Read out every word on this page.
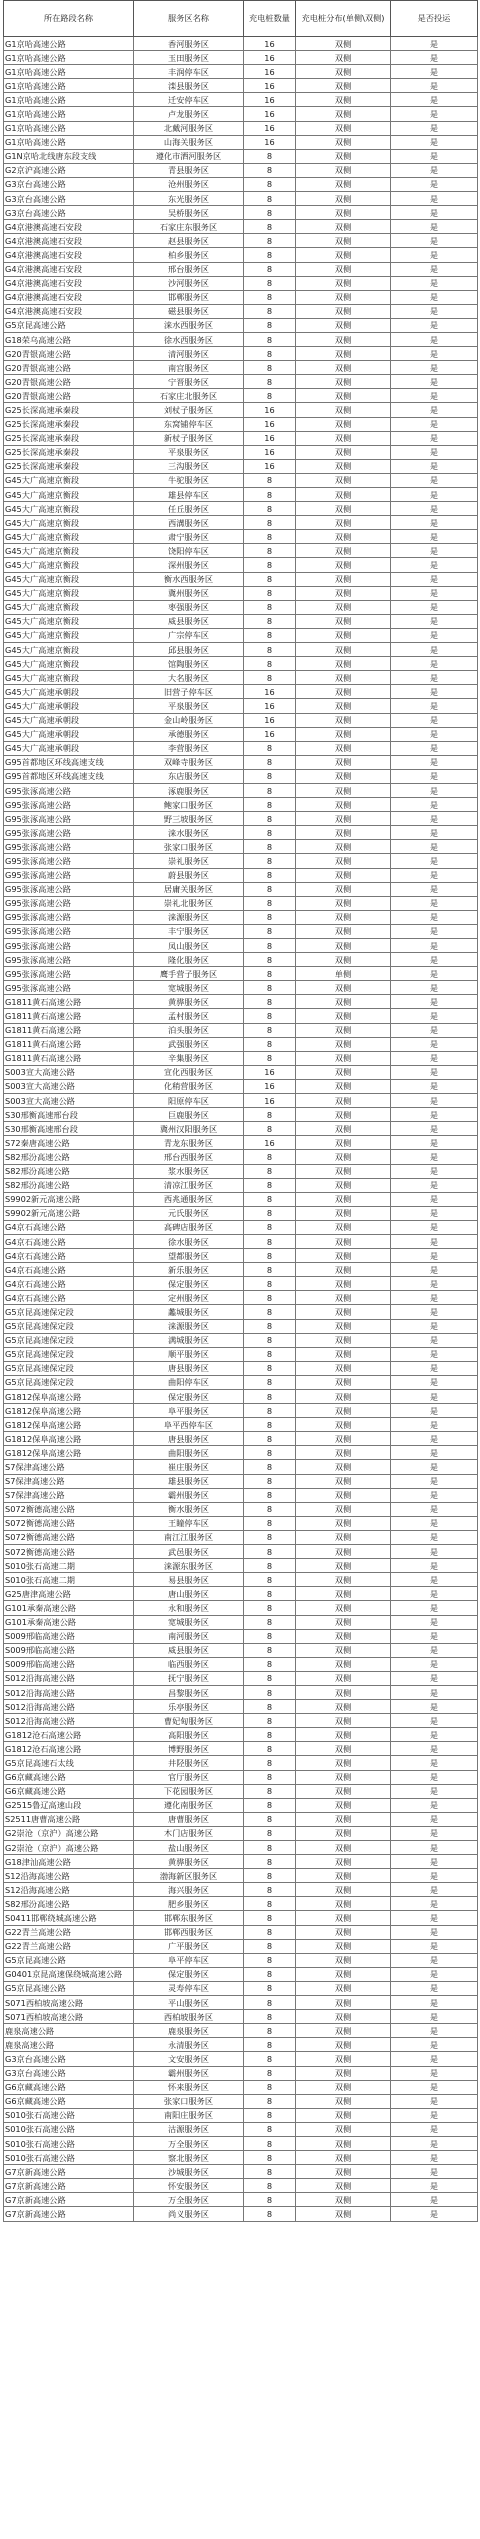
所在路段名称	服务区名称	充电桩数量	充电桩分布(单侧\双侧)	是否投运
G1京哈高速公路	香河服务区	16	双侧	是
G1京哈高速公路	玉田服务区	16	双侧	是
G1京哈高速公路	丰润停车区	16	双侧	是
G1京哈高速公路	滦县服务区	16	双侧	是
G1京哈高速公路	迁安停车区	16	双侧	是
G1京哈高速公路	卢龙服务区	16	双侧	是
G1京哈高速公路	北戴河服务区	16	双侧	是
G1京哈高速公路	山海关服务区	16	双侧	是
G1N京哈北线唐东段支线	遵化市洒河服务区	8	双侧	是
G2京沪高速公路	青县服务区	8	双侧	是
G3京台高速公路	沧州服务区	8	双侧	是
G3京台高速公路	东光服务区	8	双侧	是
G3京台高速公路	吴桥服务区	8	双侧	是
G4京港澳高速石安段	石家庄东服务区	8	双侧	是
G4京港澳高速石安段	赵县服务区	8	双侧	是
G4京港澳高速石安段	柏乡服务区	8	双侧	是
G4京港澳高速石安段	邢台服务区	8	双侧	是
G4京港澳高速石安段	沙河服务区	8	双侧	是
G4京港澳高速石安段	邯郸服务区	8	双侧	是
G4京港澳高速石安段	磁县服务区	8	双侧	是
G5京昆高速公路	涞水西服务区	8	双侧	是
G18荣乌高速公路	徐水西服务区	8	双侧	是
G20青银高速公路	清河服务区	8	双侧	是
G20青银高速公路	南宫服务区	8	双侧	是
G20青银高速公路	宁晋服务区	8	双侧	是
G20青银高速公路	石家庄北服务区	8	双侧	是
G25长深高速承秦段	刘杖子服务区	16	双侧	是
G25长深高速承秦段	东窝铺停车区	16	双侧	是
G25长深高速承秦段	新杖子服务区	16	双侧	是
G25长深高速承秦段	平泉服务区	16	双侧	是
G25长深高速承秦段	三沟服务区	16	双侧	是
G45大广高速京衡段	牛驼服务区	8	双侧	是
G45大广高速京衡段	雄县停车区	8	双侧	是
G45大广高速京衡段	任丘服务区	8	双侧	是
G45大广高速京衡段	西溝服务区	8	双侧	是
G45大广高速京衡段	肃宁服务区	8	双侧	是
G45大广高速京衡段	饶阳停车区	8	双侧	是
G45大广高速京衡段	深州服务区	8	双侧	是
G45大广高速京衡段	衡水西服务区	8	双侧	是
G45大广高速京衡段	冀州服务区	8	双侧	是
G45大广高速京衡段	枣强服务区	8	双侧	是
G45大广高速京衡段	威县服务区	8	双侧	是
G45大广高速京衡段	广宗停车区	8	双侧	是
G45大广高速京衡段	邱县服务区	8	双侧	是
G45大广高速京衡段	馆陶服务区	8	双侧	是
G45大广高速京衡段	大名服务区	8	双侧	是
G45大广高速承朝段	旧营子停车区	16	双侧	是
G45大广高速承朝段	平泉服务区	16	双侧	是
G45大广高速承朝段	金山岭服务区	16	双侧	是
G45大广高速承朝段	承德服务区	16	双侧	是
G45大广高速承朝段	李营服务区	8	双侧	是
G95首都地区环线高速支线	双峰寺服务区	8	双侧	是
G95首都地区环线高速支线	东店服务区	8	双侧	是
G95张涿高速公路	涿鹿服务区	8	双侧	是
G95张涿高速公路	鲍家口服务区	8	双侧	是
G95张涿高速公路	野三坡服务区	8	双侧	是
G95张涿高速公路	涞水服务区	8	双侧	是
G95张涿高速公路	张家口服务区	8	双侧	是
G95张涿高速公路	崇礼服务区	8	双侧	是
G95张涿高速公路	蔚县服务区	8	双侧	是
G95张涿高速公路	居庸关服务区	8	双侧	是
G95张涿高速公路	崇礼北服务区	8	双侧	是
G95张涿高速公路	涞源服务区	8	双侧	是
G95张涿高速公路	丰宁服务区	8	双侧	是
G95张涿高速公路	凤山服务区	8	双侧	是
G95张涿高速公路	隆化服务区	8	双侧	是
G95张涿高速公路	鹰手营子服务区	8	单侧	是
G95张涿高速公路	宽城服务区	8	双侧	是
G1811黄石高速公路	黄骅服务区	8	双侧	是
G1811黄石高速公路	孟村服务区	8	双侧	是
G1811黄石高速公路	泊头服务区	8	双侧	是
G1811黄石高速公路	武强服务区	8	双侧	是
G1811黄石高速公路	辛集服务区	8	双侧	是
S003宣大高速公路	宣化西服务区	16	双侧	是
S003宣大高速公路	化稍营服务区	16	双侧	是
S003宣大高速公路	阳原停车区	16	双侧	是
S30邢衡高速邢台段	巨鹿服务区	8	双侧	是
S30邢衡高速邢台段	冀州汉阳服务区	8	双侧	是
S72秦唐高速公路	青龙东服务区	16	双侧	是
S82邢汾高速公路	邢台西服务区	8	双侧	是
S82邢汾高速公路	浆水服务区	8	双侧	是
S82邢汾高速公路	清凉江服务区	8	双侧	是
S9902新元高速公路	西兆通服务区	8	双侧	是
S9902新元高速公路	元氏服务区	8	双侧	是
G4京石高速公路	高碑店服务区	8	双侧	是
G4京石高速公路	徐水服务区	8	双侧	是
G4京石高速公路	望都服务区	8	双侧	是
G4京石高速公路	新乐服务区	8	双侧	是
G4京石高速公路	保定服务区	8	双侧	是
G4京石高速公路	定州服务区	8	双侧	是
G5京昆高速保定段	蠡城服务区	8	双侧	是
G5京昆高速保定段	涞源服务区	8	双侧	是
G5京昆高速保定段	满城服务区	8	双侧	是
G5京昆高速保定段	顺平服务区	8	双侧	是
G5京昆高速保定段	唐县服务区	8	双侧	是
G5京昆高速保定段	曲阳停车区	8	双侧	是
G1812保阜高速公路	保定服务区	8	双侧	是
G1812保阜高速公路	阜平服务区	8	双侧	是
G1812保阜高速公路	阜平西停车区	8	双侧	是
G1812保阜高速公路	唐县服务区	8	双侧	是
G1812保阜高速公路	曲阳服务区	8	双侧	是
S7保津高速公路	崔庄服务区	8	双侧	是
S7保津高速公路	雄县服务区	8	双侧	是
S7保津高速公路	霸州服务区	8	双侧	是
S072衡德高速公路	衡水服务区	8	双侧	是
S072衡德高速公路	王瞳停车区	8	双侧	是
S072衡德高速公路	南江江服务区	8	双侧	是
S072衡德高速公路	武邑服务区	8	双侧	是
S010张石高速二期	涞源东服务区	8	双侧	是
S010张石高速二期	易县服务区	8	双侧	是
G25唐津高速公路	唐山服务区	8	双侧	是
G101承秦高速公路	永和服务区	8	双侧	是
G101承秦高速公路	宽城服务区	8	双侧	是
S009邢临高速公路	南河服务区	8	双侧	是
S009邢临高速公路	威县服务区	8	双侧	是
S009邢临高速公路	临西服务区	8	双侧	是
S012沿海高速公路	抚宁服务区	8	双侧	是
S012沿海高速公路	昌黎服务区	8	双侧	是
S012沿海高速公路	乐亭服务区	8	双侧	是
S012沿海高速公路	曹妃甸服务区	8	双侧	是
G1812沧石高速公路	高阳服务区	8	双侧	是
G1812沧石高速公路	博野服务区	8	双侧	是
G5京昆高速石太线	井陉服务区	8	双侧	是
G6京藏高速公路	官厅服务区	8	双侧	是
G6京藏高速公路	下花园服务区	8	双侧	是
G2515鲁辽高速山段	遵化南服务区	8	双侧	是
S2511唐曹高速公路	唐曹服务区	8	双侧	是
G2崇沧（京沪）高速公路	木门店服务区	8	双侧	是
G2崇沧（京沪）高速公路	盐山服务区	8	双侧	是
G18津汕高速公路	黄骅服务区	8	双侧	是
S12沿海高速公路	渤海新区服务区	8	双侧	是
S12沿海高速公路	海兴服务区	8	双侧	是
S82邢汾高速公路	肥乡服务区	8	双侧	是
S0411邯郸绕城高速公路	邯郸东服务区	8	双侧	是
G22青兰高速公路	邯郸西服务区	8	双侧	是
G22青兰高速公路	广平服务区	8	双侧	是
G5京昆高速公路	阜平停车区	8	双侧	是
G0401京昆高速保绕城高速公路	保定服务区	8	双侧	是
G5京昆高速公路	灵寿停车区	8	双侧	是
S071西柏坡高速公路	平山服务区	8	双侧	是
S071西柏坡高速公路	西柏坡服务区	8	双侧	是
鹿泉高速公路	鹿泉服务区	8	双侧	是
鹿泉高速公路	永清服务区	8	双侧	是
G3京台高速公路	文安服务区	8	双侧	是
G3京台高速公路	霸州服务区	8	双侧	是
G6京藏高速公路	怀来服务区	8	双侧	是
G6京藏高速公路	张家口服务区	8	双侧	是
S010张石高速公路	南阳庄服务区	8	双侧	是
S010张石高速公路	沽源服务区	8	双侧	是
S010张石高速公路	万全服务区	8	双侧	是
S010张石高速公路	察北服务区	8	双侧	是
G7京新高速公路	沙城服务区	8	双侧	是
G7京新高速公路	怀安服务区	8	双侧	是
G7京新高速公路	万全服务区	8	双侧	是
G7京新高速公路	尚义服务区	8	双侧	是
